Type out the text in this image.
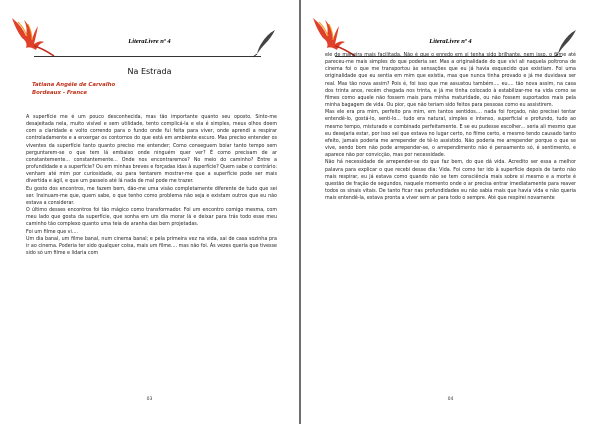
LiteraLivre nº 4
Na Estrada
Tatiana Angéle de Carvalho
Bordeaux - France

A superfície me é um pouco desconhecida, mas tão importante quanto seu oposto. Sinto-me desajeitada nela, muito visível e sem utilidade, tento complicá-la e ela é simples, meus olhos doem com a claridade e volto correndo para o fundo onde fui feita para viver, onde aprendi a respirar controladamente e a enxergar os contornos do que está em ambiente escuro. Mas preciso entender os viventes da superfície tanto quanto preciso me entender; Como conseguem boiar tanto tempo sem perguntarem-se o que tem lá embaixo onde ninguém quer ver? É como precisam de ar constantemente... constantemente... Onde nos encontraremos? No meio do caminho? Entre a profundidade e a superfície? Ou em minhas breves e forçadas idas à superfície? Quem sabe o contrário: venham até mim por curiosidade, ou para tentarem mostrar-me que a superfície pode ser mais divertida e ágil, e que um passeio até lá nada de mal pode me trazer.

Eu gosto dos encontros, me fazem bem, dão-me uma visão completamente diferente de tudo que sei ser. Insinuam-me que, quem sabe, o que tenho como problema não seja e existam outros que eu não estava a considerar.

O último desses encontros foi tão mágico como transformador. Foi um encontro comigo mesma, com meu lado que gosta da superfície, que sonha em um dia morar lá e deixar para trás todo esse meu caminho tão complexo quanto uma teia de aranha das bem projetadas.

Foi um filme que vi....

Um dia banal, um filme banal, num cinema banal; e pela primeira vez na vida, sai de casa sozinha pra ir ao cinema. Poderia ter sido qualquer coisa, mais um filme.... mas não foi. Às vezes queria que tivesse sido só um filme e lidaria com

03
LiteraLivre nº 4

ele de maneira mais facilitada. Não é que o enredo em si tenha sido brilhante, nem isso, o filme até pareceu-me mais simples do que poderia ser. Mas a originalidade do que vivi ali naquela poltrona de cinema foi o que me transportou às sensações que eu já havia esquecido que existiam. Foi uma originalidade que eu sentia em mim que existia, mas que nunca tinha provado e já me duvidava ser real. Mas tão nova assim? Pois é, foi isso que me assustou também.... eu.... tão nova assim, na casa dos trinta anos, recém chegada nos trinta, e já me tinha colocado à estabilizar-me na vida como se filmes como aquele não fossem mais para minha maturidade, ou não fossem suportados mais pela minha bagagem de vida. Ou pior, que não teriam sido feitos para pessoas como eu assistirem.

Mas ele era pra mim, perfeito pra mim, em tantos sentidos.... nada foi forçado, não precisei tentar entendê-lo, gostá-lo, senti-lo... tudo era natural, simples e intenso, superficial e profundo, tudo ao mesmo tempo, misturado e combinado perfeitamente. E se eu pudesse escolher... seria ali mesmo que eu desejaria estar, por isso sei que estava no lugar certo, no filme certo, e mesmo tendo causado tanto efeito, jamais poderia me arrepender de tê-lo assistido. Não poderia me arrepender porque o que se vive, sendo bom não pode arrepender-se, o arrependimento não é pensamento só, é sentimento, e aparece não por convicção, mas por necessidade.

Não há necessidade de arrepender-se do que faz bem, do que dá vida. Acredito ser essa a melhor palavra para explicar o que recebi desse dia: Vida. Foi como ter ido à superfície depois de tanto não mais respirar, eu já estava como quando não se tem consciência mais sobre si mesmo e a morte é questão de fração de segundos, naquele momento onde o ar precisa entrar imediatamente para reaver todos os sinais vitais. De tanto ficar nas profundidades eu não sabia mais que havia vida e não queria mais entendê-la, estava pronta a viver sem ar para todo o sempre. Até que respirei novamente

04
